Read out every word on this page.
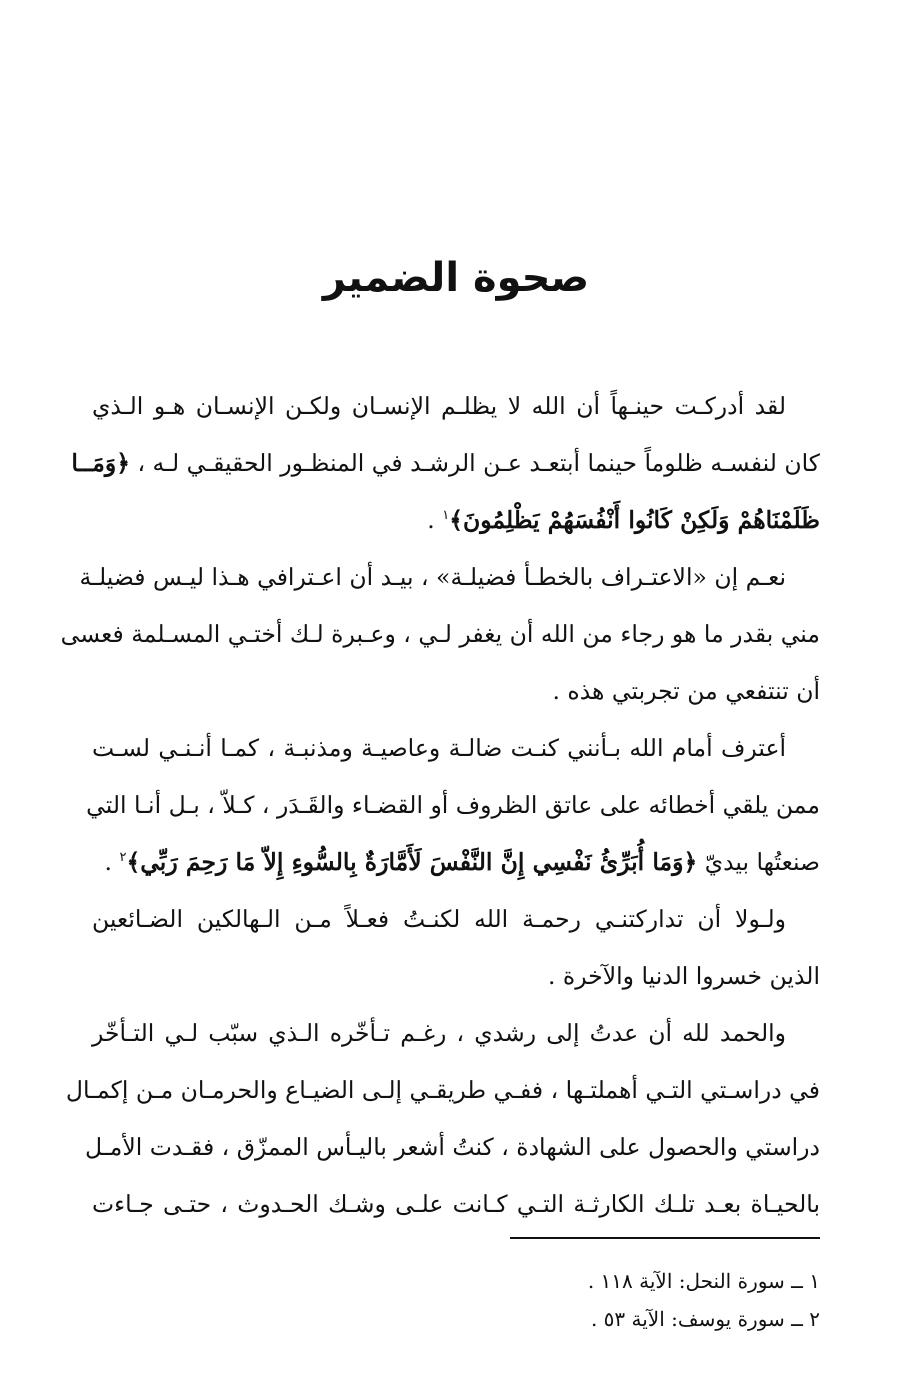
صحوة الضمير
لقد أدركـت حينـهاً أن الله لا يظلـم الإنسـان ولكـن الإنسـان هـو الـذي
كان لنفسـه ظلوماً حينما أبتعـد عـن الرشـد في المنظـور الحقيقـي لـه ، ﴿وَمَــا
ظَلَمْنَاهُمْ وَلَكِنْ كَانُوا أَنْفُسَهُمْ يَظْلِمُونَ﴾$^١$ .
نعـم إن «الاعتـراف بالخطـأ فضيلـة» ، بيـد أن اعـترافي هـذا ليـس فضيلـة
مني بقدر ما هو رجاء من الله أن يغفر لـي ، وعـبرة لـك أختـي المسـلمة فعسى
أن تنتفعي من تجربتي هذه .
أعترف أمام الله بـأنني كنـت ضالـة وعاصيـة ومذنبـة ، كمـا أنـنـي لسـت
ممن يلقي أخطائه على عاتق الظروف أو القضـاء والقَـدَر ، كـلاّ ، بـل أنـا التي
صنعتُها بيديّ ﴿وَمَا أُبَرِّئُ نَفْسِي إِنَّ النَّفْسَ لَأَمَّارَةٌ بِالسُّوءِ إِلاّ مَا رَحِمَ رَبِّي﴾$^٢$ .
ولـولا أن تداركتنـي رحمـة الله لكنـتُ فعـلاً مـن الـهالكين الضـائعين
الذين خسروا الدنيا والآخرة .
والحمد لله أن عدتُ إلى رشدي ، رغـم تـأخّره الـذي سبّب لـي التـأخّر
في دراسـتي التـي أهملتـها ، ففـي طريقـي إلـى الضيـاع والحرمـان مـن إكمـال
دراستي والحصول على الشهادة ، كنتُ أشعر باليـأس الممزّق ، فقـدت الأمـل
بالحيـاة بعـد تلـك الكارثـة التـي كـانت علـى وشـك الحـدوث ، حتـى جـاءت
١ ــ سورة النحل: الآية ١١٨ .
٢ ــ سورة يوسف: الآية ٥٣ .
